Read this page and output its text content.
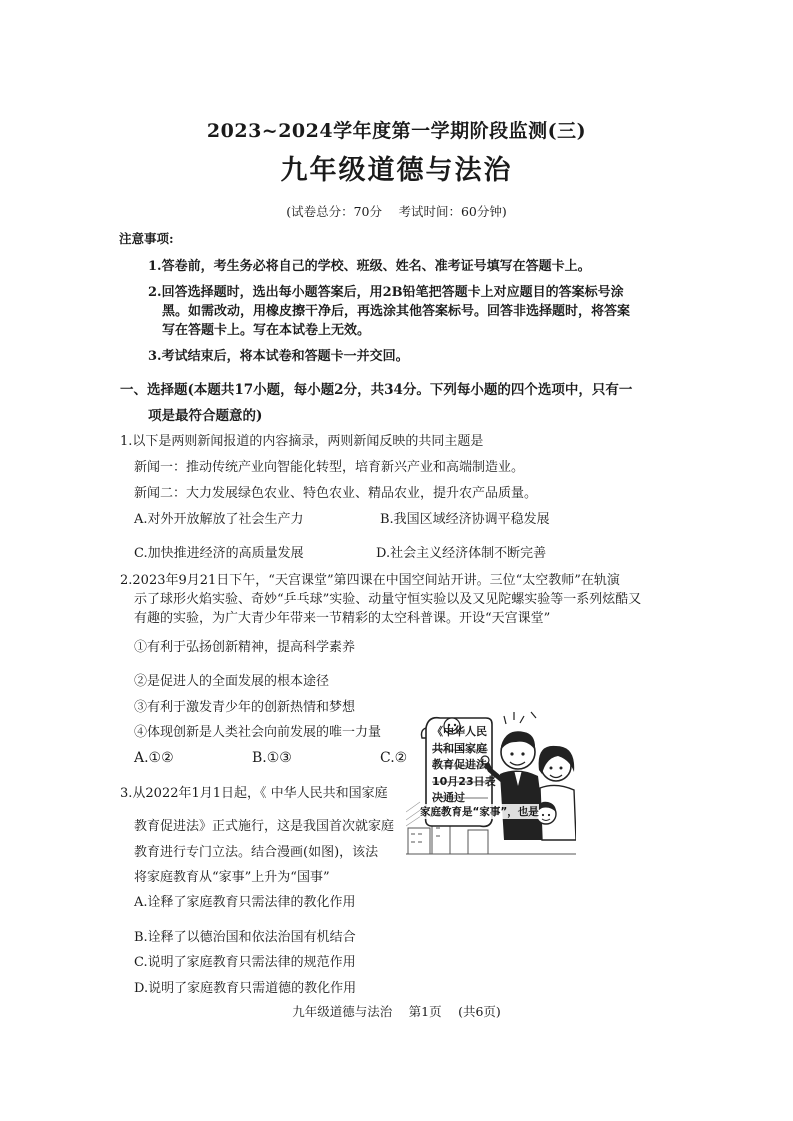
2023~2024学年度第一学期阶段监测(三)
九年级道德与法治
(试卷总分：70分　 考试时间：60分钟)
注意事项:
1.答卷前，考生务必将自己的学校、班级、姓名、准考证号填写在答题卡上。
2.回答选择题时，选出每小题答案后，用2B铅笔把答题卡上对应题目的答案标号涂
黑。如需改动，用橡皮擦干净后，再选涂其他答案标号。回答非选择题时，将答案
写在答题卡上。写在本试卷上无效。
3.考试结束后，将本试卷和答题卡一并交回。
一、选择题(本题共17小题，每小题2分，共34分。下列每小题的四个选项中，只有一
项是最符合题意的)
1.以下是两则新闻报道的内容摘录，两则新闻反映的共同主题是
新闻一：推动传统产业向智能化转型，培育新兴产业和高端制造业。
新闻二：大力发展绿色农业、特色农业、精品农业，提升农产品质量。
A.对外开放解放了社会生产力	B.我国区域经济协调平稳发展
C.加快推进经济的高质量发展	D.社会主义经济体制不断完善
2.2023年9月21日下午，“天宫课堂”第四课在中国空间站开讲。三位“太空教师”在轨演
示了球形火焰实验、奇妙“乒乓球”实验、动量守恒实验以及又见陀螺实验等一系列炫酷又
有趣的实验，为广大青少年带来一节精彩的太空科普课。开设“天宫课堂”
①有利于弘扬创新精神，提高科学素养
②是促进人的全面发展的根本途径
③有利于激发青少年的创新热情和梦想
④体现创新是人类社会向前发展的唯一力量
A.①②	B.①③	C.②
3.从2022年1月1日起，《 中华人民共和国家庭
教育促进法》正式施行，这是我国首次就家庭
教育进行专门立法。结合漫画(如图)，该法
将家庭教育从“家事”上升为“国事”
A.诠释了家庭教育只需法律的教化作用
B.诠释了以德治国和依法治国有机结合
C.说明了家庭教育只需法律的规范作用
D.说明了家庭教育只需道德的教化作用
《中华人民
共和国家庭
教育促进法
10月23日表
决通过
家庭教育是“家事”，也是
九年级道德与法治　 第1页　 (共6页)
